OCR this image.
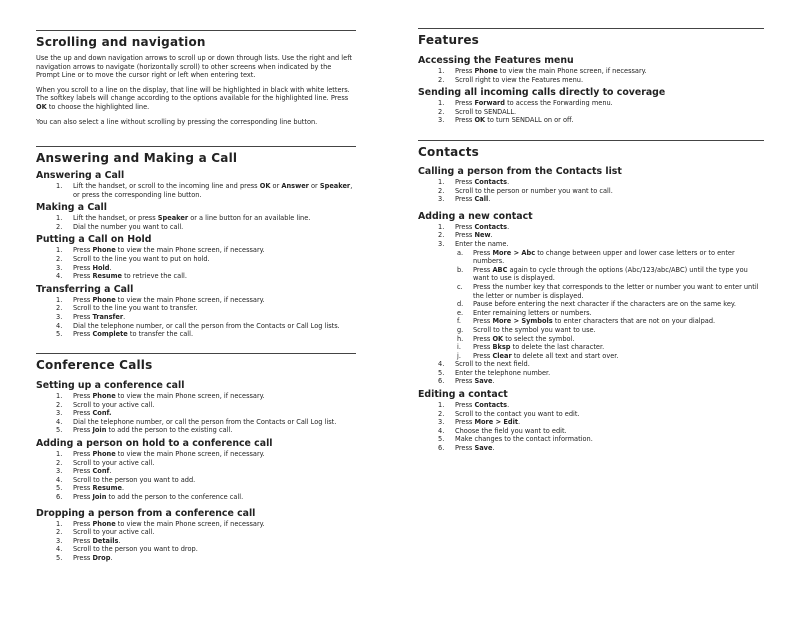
Scrolling and navigation

Use the up and down navigation arrows to scroll up or down through lists. Use the right and left navigation arrows to navigate (horizontally scroll) to other screens when indicated by the Prompt Line or to move the cursor right or left when entering text.

When you scroll to a line on the display, that line will be highlighted in black with white letters. The softkey labels will change according to the options available for the highlighted line. Press OK to choose the highlighted line.

You can also select a line without scrolling by pressing the corresponding line button.

Answering and Making a Call
Answering a Call
1. Lift the handset, or scroll to the incoming line and press OK or Answer or Speaker, or press the corresponding line button.
Making a Call
1. Lift the handset, or press Speaker or a line button for an available line.
2. Dial the number you want to call.
Putting a Call on Hold
1. Press Phone to view the main Phone screen, if necessary.
2. Scroll to the line you want to put on hold.
3. Press Hold.
4. Press Resume to retrieve the call.
Transferring a Call
1. Press Phone to view the main Phone screen, if necessary.
2. Scroll to the line you want to transfer.
3. Press Transfer.
4. Dial the telephone number, or call the person from the Contacts or Call Log lists.
5. Press Complete to transfer the call.
Conference Calls
Setting up a conference call
1. Press Phone to view the main Phone screen, if necessary.
2. Scroll to your active call.
3. Press Conf.
4. Dial the telephone number, or call the person from the Contacts or Call Log list.
5. Press Join to add the person to the existing call.
Adding a person on hold to a conference call
1. Press Phone to view the main Phone screen, if necessary.
2. Scroll to your active call.
3. Press Conf.
4. Scroll to the person you want to add.
5. Press Resume.
6. Press Join to add the person to the conference call.
Dropping a person from a conference call
1. Press Phone to view the main Phone screen, if necessary.
2. Scroll to your active call.
3. Press Details.
4. Scroll to the person you want to drop.
5. Press Drop.
Features
Accessing the Features menu
1. Press Phone to view the main Phone screen, if necessary.
2. Scroll right to view the Features menu.
Sending all incoming calls directly to coverage
1. Press Forward to access the Forwarding menu.
2. Scroll to SENDALL.
3. Press OK to turn SENDALL on or off.
Contacts
Calling a person from the Contacts list
1. Press Contacts.
2. Scroll to the person or number you want to call.
3. Press Call.
Adding a new contact
1. Press Contacts.
2. Press New.
3. Enter the name.
a. Press More > Abc to change between upper and lower case letters or to enter numbers.
b. Press ABC again to cycle through the options (Abc/123/abc/ABC) until the type you want to use is displayed.
c. Press the number key that corresponds to the letter or number you want to enter until the letter or number is displayed.
d. Pause before entering the next character if the characters are on the same key.
e. Enter remaining letters or numbers.
f. Press More > Symbols to enter characters that are not on your dialpad.
g. Scroll to the symbol you want to use.
h. Press OK to select the symbol.
i. Press Bksp to delete the last character.
j. Press Clear to delete all text and start over.
4. Scroll to the next field.
5. Enter the telephone number.
6. Press Save.
Editing a contact
1. Press Contacts.
2. Scroll to the contact you want to edit.
3. Press More > Edit.
4. Choose the field you want to edit.
5. Make changes to the contact information.
6. Press Save.
